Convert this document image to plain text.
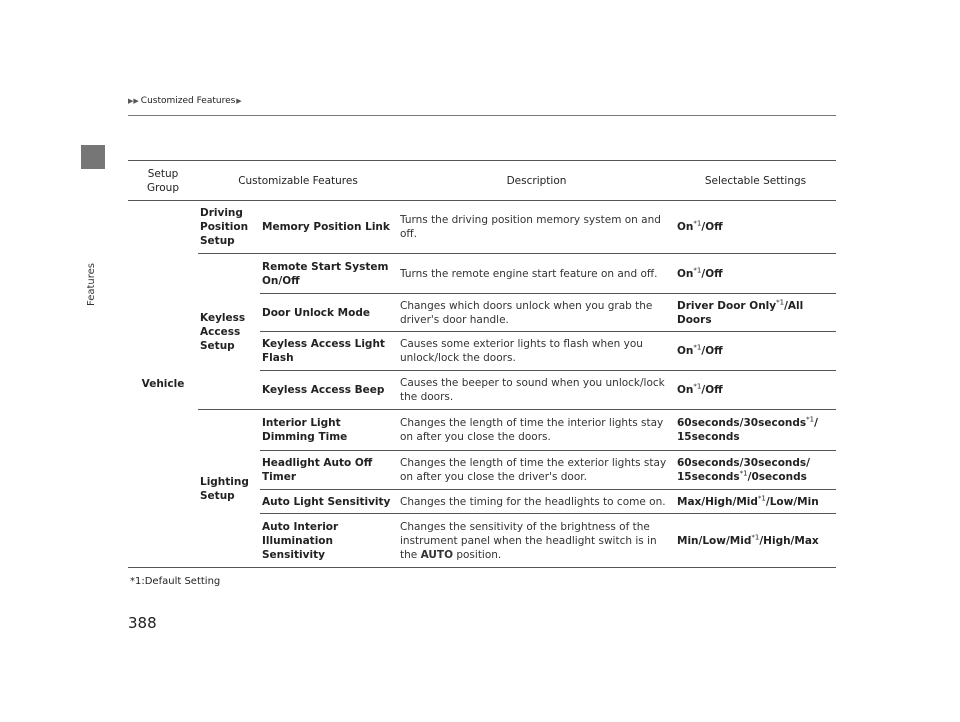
Features
▶▶ Customized Features ▶
Setup
Group	Customizable Features		Description	Selectable Settings
Vehicle	Driving
Position
Setup	Memory Position Link	Turns the driving position memory system on and off.	On$^{*1}$/Off
	Keyless
Access
Setup	Remote Start System On/Off	Turns the remote engine start feature on and off.	On$^{*1}$/Off
		Door Unlock Mode	Changes which doors unlock when you grab the driver's door handle.	Driver Door Only$^{*1}$/All Doors
		Keyless Access Light Flash	Causes some exterior lights to flash when you unlock/lock the doors.	On$^{*1}$/Off
		Keyless Access Beep	Causes the beeper to sound when you unlock/lock the doors.	On$^{*1}$/Off
	Lighting
Setup	Interior Light Dimming Time	Changes the length of time the interior lights stay on after you close the doors.	60seconds/30seconds$^{*1}$/ 15seconds
		Headlight Auto Off Timer	Changes the length of time the exterior lights stay on after you close the driver's door.	60seconds/30seconds/ 15seconds$^{*1}$/0seconds
		Auto Light Sensitivity	Changes the timing for the headlights to come on.	Max/High/Mid$^{*1}$/Low/Min
		Auto Interior Illumination Sensitivity	Changes the sensitivity of the brightness of the instrument panel when the headlight switch is in the AUTO position.	Min/Low/Mid$^{*1}$/High/Max
*1:Default Setting
388
